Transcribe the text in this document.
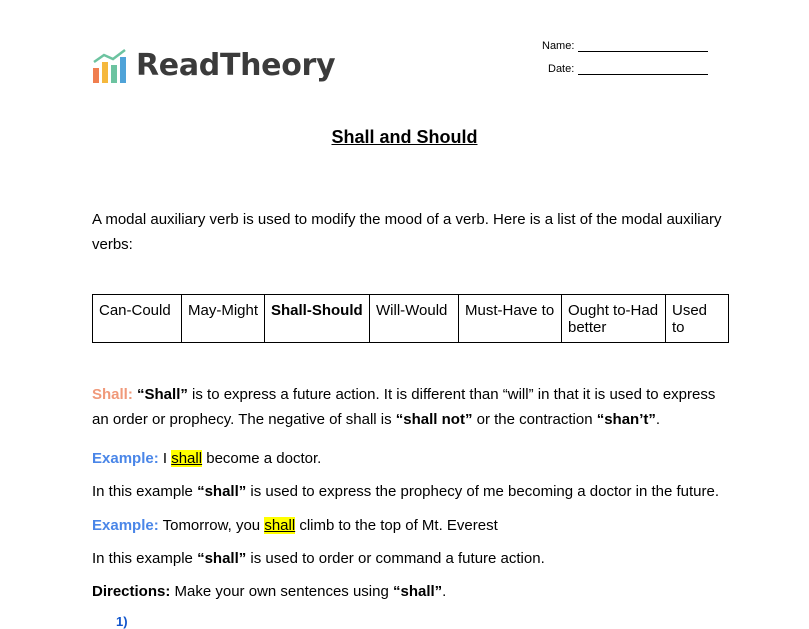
ReadTheory
Name:
Date:
Shall and Should
A modal auxiliary verb is used to modify the mood of a verb. Here is a list of the modal auxiliary
verbs:
Can-Could	May-Might	Shall-Should	Will-Would	Must-Have to	Ought to-Had better	Used to
Shall: “Shall” is to express a future action. It is different than “will” in that it is used to express
an order or prophecy. The negative of shall is “shall not” or the contraction “shan’t”.
Example: I shall become a doctor.
In this example “shall” is used to express the prophecy of me becoming a doctor in the future.
Example: Tomorrow, you shall climb to the top of Mt. Everest
In this example “shall” is used to order or command a future action.
Directions: Make your own sentences using “shall”.
1)
